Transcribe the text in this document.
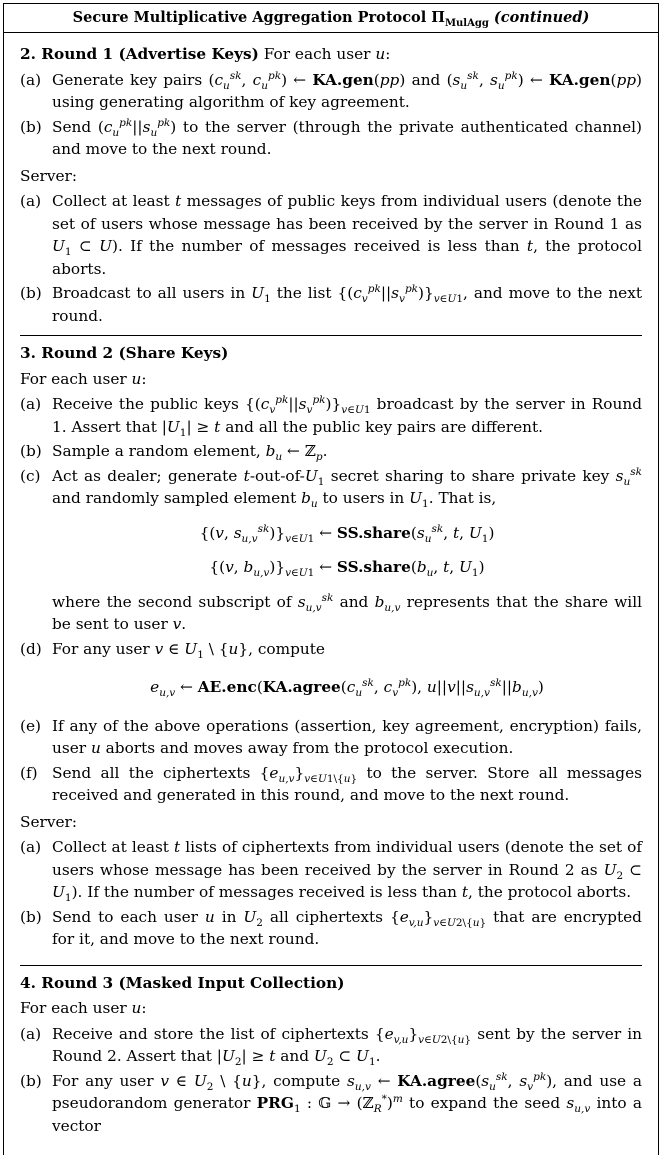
Secure Multiplicative Aggregation Protocol $\Pi_{MulAgg}$ (continued)
2. Round 1 (Advertise Keys) For each user u:
(a) Generate key pairs ($c_u^{sk}$, $c_u^{pk}$) ← KA.gen(pp) and ($s_u^{sk}$, $s_u^{pk}$) ← KA.gen(pp) using generating algorithm of key agreement.
(b) Send $(c_u^{pk}||s_u^{pk})$ to the server (through the private authenticated channel) and move to the next round.
Server:
(a) Collect at least t messages of public keys from individual users (denote the set of users whose message has been received by the server in Round 1 as $U_1$ ⊂ U). If the number of messages received is less than t, the protocol aborts.
(b) Broadcast to all users in $U_1$ the list $\{(c_v^{pk}||s_v^{pk})\}_{v\in U1}$, and move to the next round.
3. Round 2 (Share Keys)
For each user u:
(a) Receive the public keys $\{(c_v^{pk}||s_v^{pk})\}_{v\in U1}$ broadcast by the server in Round 1. Assert that $|U_1| \ge t$ and all the public key pairs are different.
(b) Sample a random element, $b_u$ ← ℤ$_p$.
(c) Act as dealer; generate $t-out-of-U_1$ secret sharing to share private key $s_u^{sk}$ and randomly sampled element $b_u$ to users in $U_1$. That is,
{(v, $s_{u,v}^{sk})\}_{v\in U1}$ ← $SS.share(s_u^{sk}$, t, $U_1$)
{(v, $b_{u,v})\}_{v\in U1}$ ← $SS.share(b_u$, t, $U_1$)
where the second subscript of $s_{u,v}^{sk}$ and $b_{u,v}$ represents that the share will be sent to user v.
(d) For any user v ∈ $U_1$ \ {u}, compute
$e_{u,v}$ ← $AE.enc(KA.agree(c_u^{sk}$, $c_v^{pk}$), $u||v||s_{u,v}^{sk}||b_{u,v}$)
(e) If any of the above operations (assertion, key agreement, encryption) fails, user u aborts and moves away from the protocol execution.
(f) Send all the ciphertexts $\{e_{u,v}\}_{v\in U1\backslash\{u\}}$ to the server. Store all messages received and generated in this round, and move to the next round.
Server:
(a) Collect at least t lists of ciphertexts from individual users (denote the set of users whose message has been received by the server in Round 2 as $U_2$ ⊂ $U_1$). If the number of messages received is less than t, the protocol aborts.
(b) Send to each user u in $U_2$ all ciphertexts $\{e_{v,u}\}_{v\in U2\backslash\{u\}}$ that are encrypted for it, and move to the next round.
4. Round 3 (Masked Input Collection)
For each user u:
(a) Receive and store the list of ciphertexts $\{e_{v,u}\}_{v\in U2\backslash\{u\}}$ sent by the server in Round 2. Assert that $|U_2| \ge t$ and $U_2$ ⊂ $U_1$.
(b) For any user v ∈ $U_2$ \ {u}, compute $s_{u,v}$ ← $KA.agree(s_u^{sk}$, $s_v^{pk}$), and use a pseudorandom generator $PRG_1$ : 𝔾 → (ℤ$_R$*)$^m$ to expand the seed $s_{u,v}$ into a vector
